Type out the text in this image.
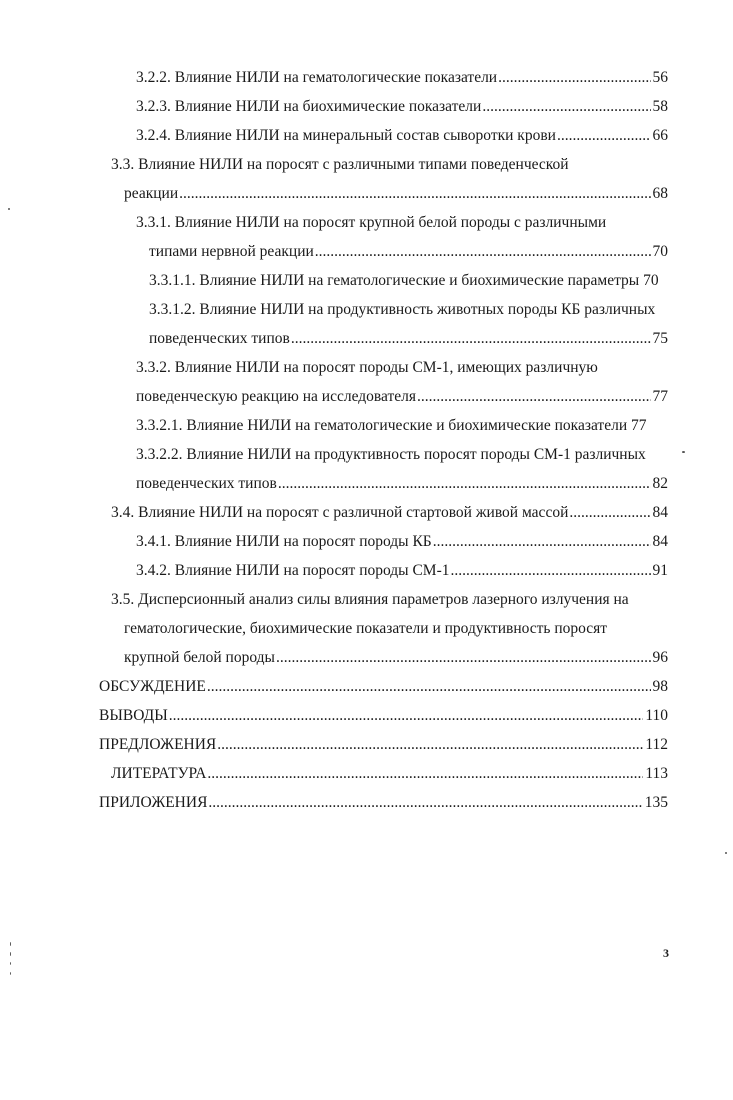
3.2.2. Влияние НИЛИ на гематологические показатели .....	56
3.2.3. Влияние НИЛИ на биохимические показатели .....	58
3.2.4. Влияние НИЛИ на минеральный состав сыворотки крови .....	66
3.3. Влияние НИЛИ на поросят с различными типами поведенческой
реакции .....	68
3.3.1. Влияние НИЛИ на поросят крупной белой породы с различными
типами нервной реакции .....	70
3.3.1.1. Влияние НИЛИ на гематологические и биохимические параметры 70
3.3.1.2. Влияние НИЛИ на продуктивность животных породы КБ различных
поведенческих типов .....	75
3.3.2. Влияние НИЛИ на поросят породы СМ-1, имеющих различную
поведенческую реакцию на исследователя .....	77
3.3.2.1. Влияние НИЛИ на гематологические и биохимические показатели 77
3.3.2.2. Влияние НИЛИ на продуктивность поросят породы СМ-1 различных
поведенческих типов .....	82
3.4. Влияние НИЛИ на поросят с различной стартовой живой массой .....	84
3.4.1. Влияние НИЛИ на поросят породы КБ .....	84
3.4.2. Влияние НИЛИ на поросят породы СМ-1 .....	91
3.5. Дисперсионный анализ силы влияния параметров лазерного излучения на
гематологические, биохимические показатели и продуктивность поросят
крупной белой породы .....	96
ОБСУЖДЕНИЕ .....	98
ВЫВОДЫ .....	110
ПРЕДЛОЖЕНИЯ .....	112
ЛИТЕРАТУРА .....	113
ПРИЛОЖЕНИЯ .....	135
3
